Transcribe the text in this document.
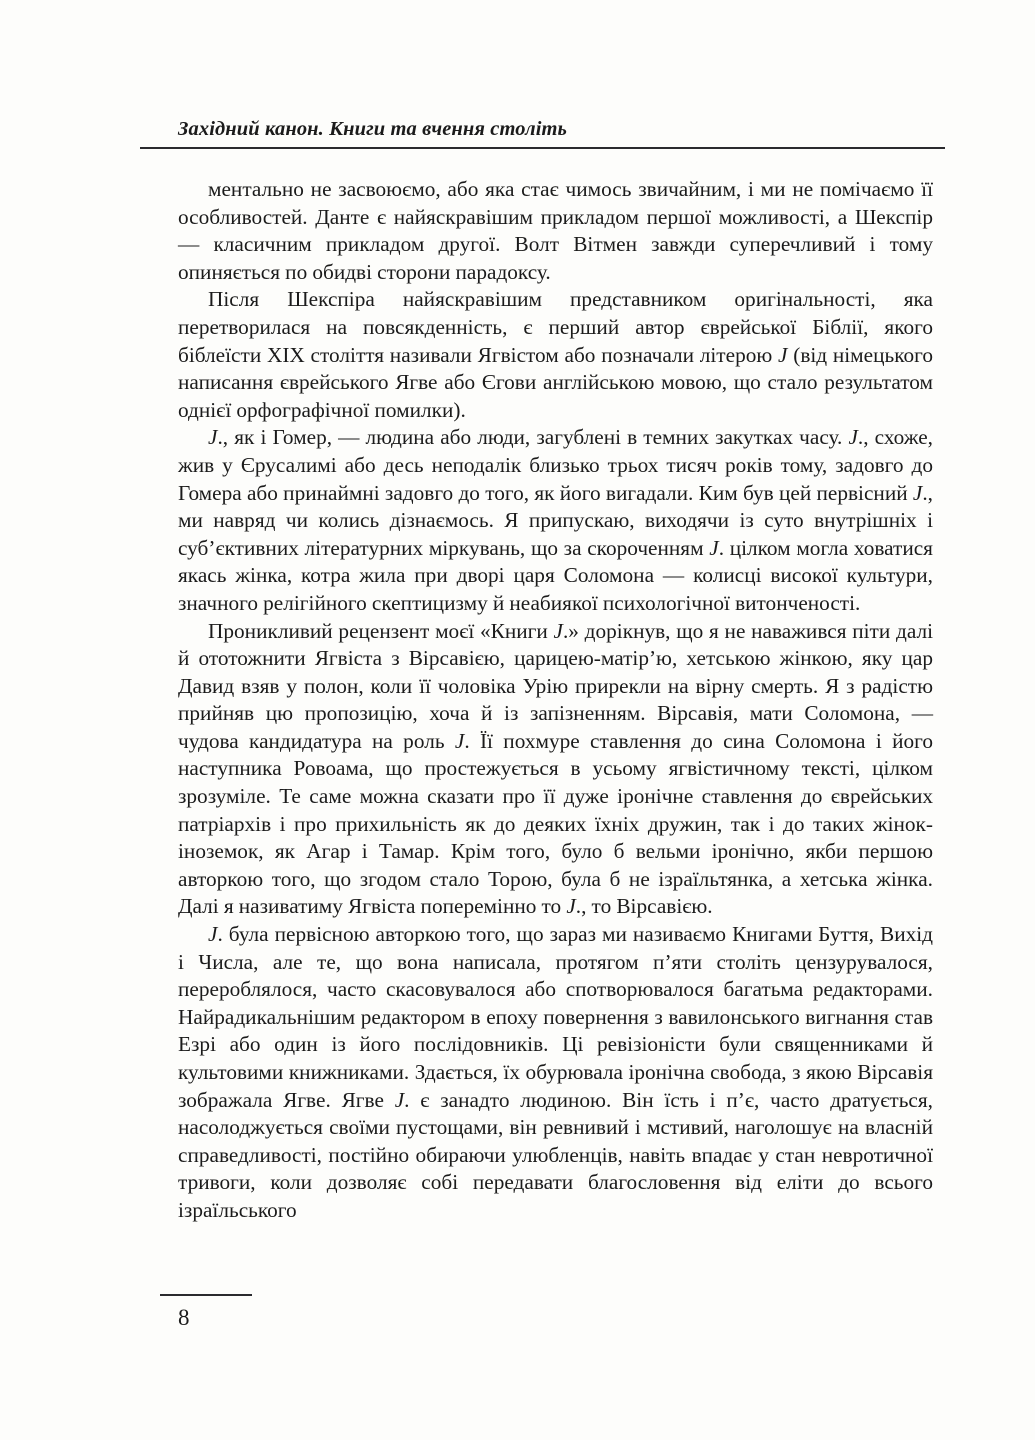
Західний канон. Книги та вчення століть

ментально не засвоюємо, або яка стає чимось звичайним, і ми не помічаємо її особливостей. Данте є найяскравішим прикладом першої можливості, а Шекспір — класичним прикладом другої. Волт Вітмен завжди суперечливий і тому опиняється по обидві сторони парадоксу.

Після Шекспіра найяскравішим представником оригінальності, яка перетворилася на повсякденність, є перший автор єврейської Біблії, якого біблеїсти XIX століття називали Ягвістом або позначали літерою J (від німецького написання єврейського Ягве або Єгови англійською мовою, що стало результатом однієї орфографічної помилки).

J., як і Гомер, — людина або люди, загублені в темних закутках часу. J., схоже, жив у Єрусалимі або десь неподалік близько трьох тисяч років тому, задовго до Гомера або принаймні задовго до того, як його вигадали. Ким був цей первісний J., ми навряд чи колись дізнаємось. Я припускаю, виходячи із суто внутрішніх і суб’єктивних літературних міркувань, що за скороченням J. цілком могла ховатися якась жінка, котра жила при дворі царя Соломона — колисці високої культури, значного релігійного скептицизму й неабиякої психологічної витонченості.

Проникливий рецензент моєї «Книги J.» дорікнув, що я не наважився піти далі й ототожнити Ягвіста з Вірсавією, царицею-матір’ю, хетською жінкою, яку цар Давид взяв у полон, коли її чоловіка Урію прирекли на вірну смерть. Я з радістю прийняв цю пропозицію, хоча й із запізненням. Вірсавія, мати Соломона, — чудова кандидатура на роль J. Її похмуре ставлення до сина Соломона і його наступника Ровоама, що простежується в усьому ягвістичному тексті, цілком зрозуміле. Те саме можна сказати про її дуже іронічне ставлення до єврейських патріархів і про прихильність як до деяких їхніх дружин, так і до таких жінок-іноземок, як Агар і Тамар. Крім того, було б вельми іронічно, якби першою авторкою того, що згодом стало Торою, була б не ізраїльтянка, а хетська жінка. Далі я називатиму Ягвіста поперемінно то J., то Вірсавією.

J. була первісною авторкою того, що зараз ми називаємо Книгами Буття, Вихід і Числа, але те, що вона написала, протягом п’яти століть цензурувалося, перероблялося, часто скасовувалося або спотворювалося багатьма редакторами. Найрадикальнішим редактором в епоху повернення з вавилонського вигнання став Езрі або один із його послідовників. Ці ревізіоністи були священниками й культовими книжниками. Здається, їх обурювала іронічна свобода, з якою Вірсавія зображала Ягве. Ягве J. є занадто людиною. Він їсть і п’є, часто дратується, насолоджується своїми пустощами, він ревнивий і мстивий, наголошує на власній справедливості, постійно обираючи улюбленців, навіть впадає у стан невротичної тривоги, коли дозволяє собі передавати благословення від еліти до всього ізраїльського

8
